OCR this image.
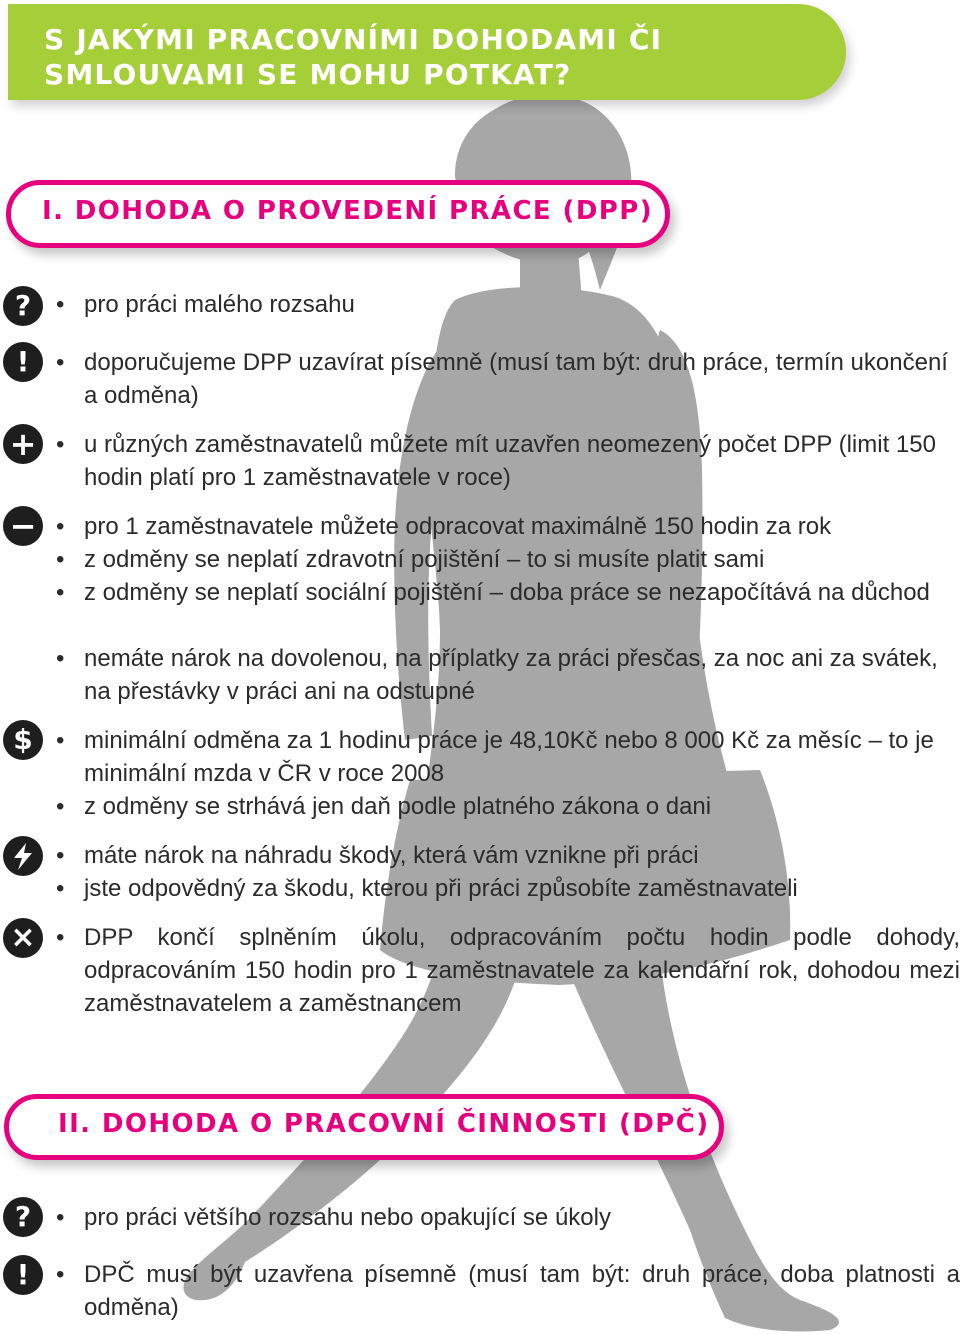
S JAKÝMI PRACOVNÍMI DOHODAMI ČI SMLOUVAMI SE MOHU POTKAT?
I. DOHODA O PROVEDENÍ PRÁCE (DPP)
?
!
+
−
$
×
• pro práci malého rozsahu
• doporučujeme DPP uzavírat písemně (musí tam být: druh práce, termín ukončení a odměna)
• u různých zaměstnavatelů můžete mít uzavřen neomezený počet DPP (limit 150 hodin platí pro 1 zaměstnavatele v roce)
• pro 1 zaměstnavatele můžete odpracovat maximálně 150 hodin za rok
• z odměny se neplatí zdravotní pojištění – to si musíte platit sami
• z odměny se neplatí sociální pojištění – doba práce se nezapočítává na důchod
• nemáte nárok na dovolenou, na příplatky za práci přesčas, za noc ani za svátek, na přestávky v práci ani na odstupné
• minimální odměna za 1 hodinu práce je 48,10Kč nebo 8 000 Kč za měsíc – to je minimální mzda v ČR v roce 2008
• z odměny se strhává jen daň podle platného zákona o dani
• máte nárok na náhradu škody, která vám vznikne při práci
• jste odpovědný za škodu, kterou při práci způsobíte zaměstnavateli
• DPP končí splněním úkolu, odpracováním počtu hodin podle dohody, odpracováním 150 hodin pro 1 zaměstnavatele za kalendářní rok, dohodou mezi zaměstnavatelem a zaměstnancem
II. DOHODA O PRACOVNÍ ČINNOSTI (DPČ)
?
!
• pro práci většího rozsahu nebo opakující se úkoly
• DPČ musí být uzavřena písemně (musí tam být: druh práce, doba platnosti a odměna)
